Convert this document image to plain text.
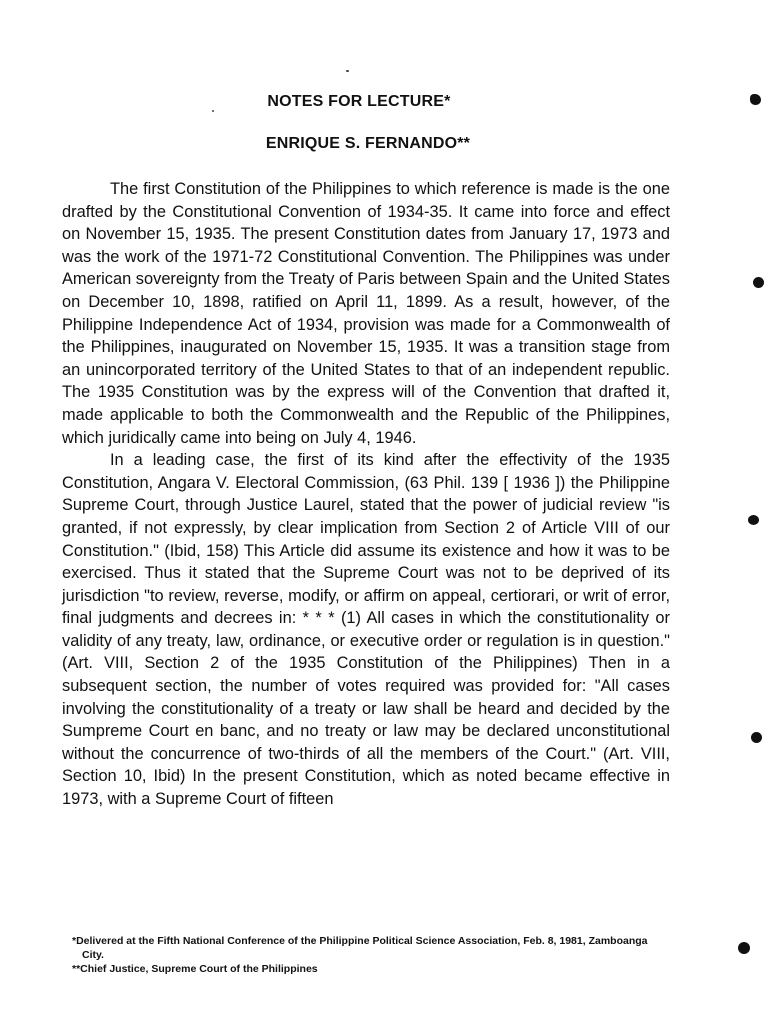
NOTES FOR LECTURE*
ENRIQUE S. FERNANDO**

The first Constitution of the Philippines to which reference is made is the one drafted by the Constitutional Convention of 1934-35. It came into force and effect on November 15, 1935. The present Constitution dates from January 17, 1973 and was the work of the 1971-72 Constitutional Convention. The Philippines was under American sovereignty from the Treaty of Paris between Spain and the United States on December 10, 1898, ratified on April 11, 1899. As a result, however, of the Philippine Independence Act of 1934, provision was made for a Commonwealth of the Philippines, inaugurated on November 15, 1935. It was a transition stage from an unincorporated territory of the United States to that of an independent republic. The 1935 Constitution was by the express will of the Convention that drafted it, made applicable to both the Commonwealth and the Republic of the Philippines, which juridically came into being on July 4, 1946.

In a leading case, the first of its kind after the effectivity of the 1935 Constitution, Angara V. Electoral Commission, (63 Phil. 139 [ 1936 ]) the Philippine Supreme Court, through Justice Laurel, stated that the power of judicial review "is granted, if not expressly, by clear implication from Section 2 of Article VIII of our Constitution." (Ibid, 158) This Article did assume its existence and how it was to be exercised. Thus it stated that the Supreme Court was not to be deprived of its jurisdiction "to review, reverse, modify, or affirm on appeal, certiorari, or writ of error, final judgments and decrees in: * * * (1) All cases in which the constitutionality or validity of any treaty, law, ordinance, or executive order or regulation is in question." (Art. VIII, Section 2 of the 1935 Constitution of the Philippines) Then in a subsequent section, the number of votes required was provided for: "All cases involving the constitutionality of a treaty or law shall be heard and decided by the Sumpreme Court en banc, and no treaty or law may be declared unconstitutional without the concurrence of two-thirds of all the members of the Court." (Art. VIII, Section 10, Ibid) In the present Constitution, which as noted became effective in 1973, with a Supreme Court of fifteen

*Delivered at the Fifth National Conference of the Philippine Political Science Association, Feb. 8, 1981, Zamboanga City.

**Chief Justice, Supreme Court of the Philippines
